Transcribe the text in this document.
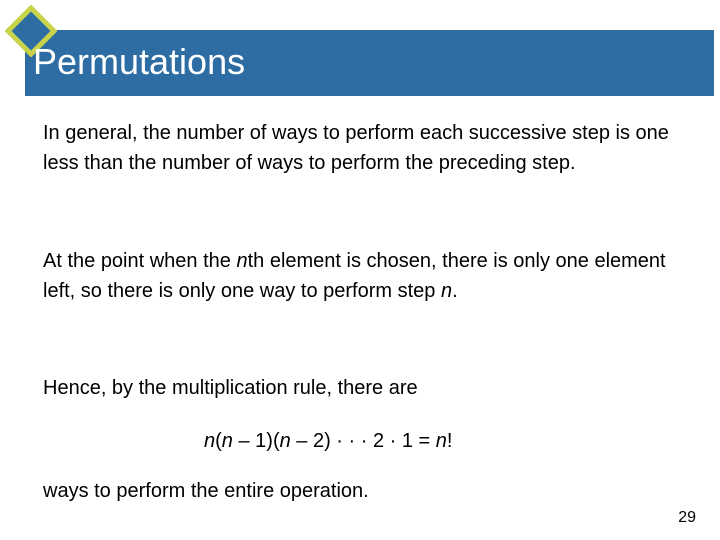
Permutations

In general, the number of ways to perform each successive step is one less than the number of ways to perform the preceding step.

At the point when the nth element is chosen, there is only one element left, so there is only one way to perform step n.

Hence, by the multiplication rule, there are

n(n – 1)(n – 2) · · · 2 · 1 = n!

ways to perform the entire operation.

29
